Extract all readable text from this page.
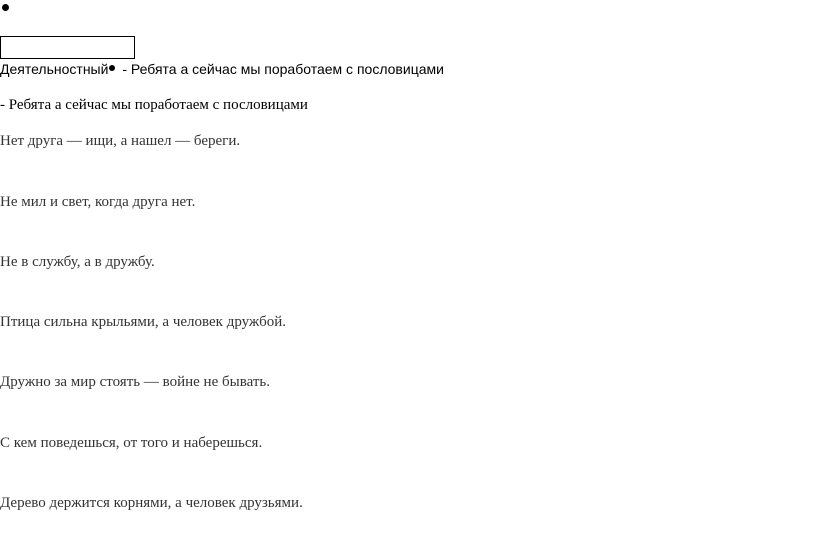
Деятельностный - Ребята а сейчас мы поработаем с пословицами
- Ребята а сейчас мы поработаем с пословицами
Нет друга — ищи, а нашел — береги.
Не мил и свет, когда друга нет.
Не в службу, а в дружбу.
Птица сильна крыльями, а человек дружбой.
Дружно за мир стоять — войне не бывать.
С кем поведешься, от того и наберешься.
Дерево держится корнями, а человек друзьями.
